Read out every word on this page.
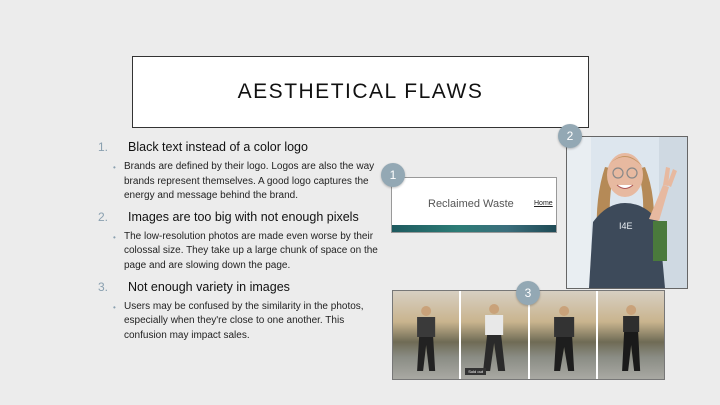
AESTHETICAL FLAWS
1.	Black text instead of a color logo
• Brands are defined by their logo. Logos are also the way brands represent themselves. A good logo captures the energy and message behind the brand.
2.	Images are too big with not enough pixels
• The low-resolution photos are made even worse by their colossal size. They take up a large chunk of space on the page and are slowing down the page.
3.	Not enough variety in images
• Users may be confused by the similarity in the photos, especially when they're close to one another. This confusion may impact sales.
Reclaimed Waste	Home
1
I4E
2
Sold out
3
